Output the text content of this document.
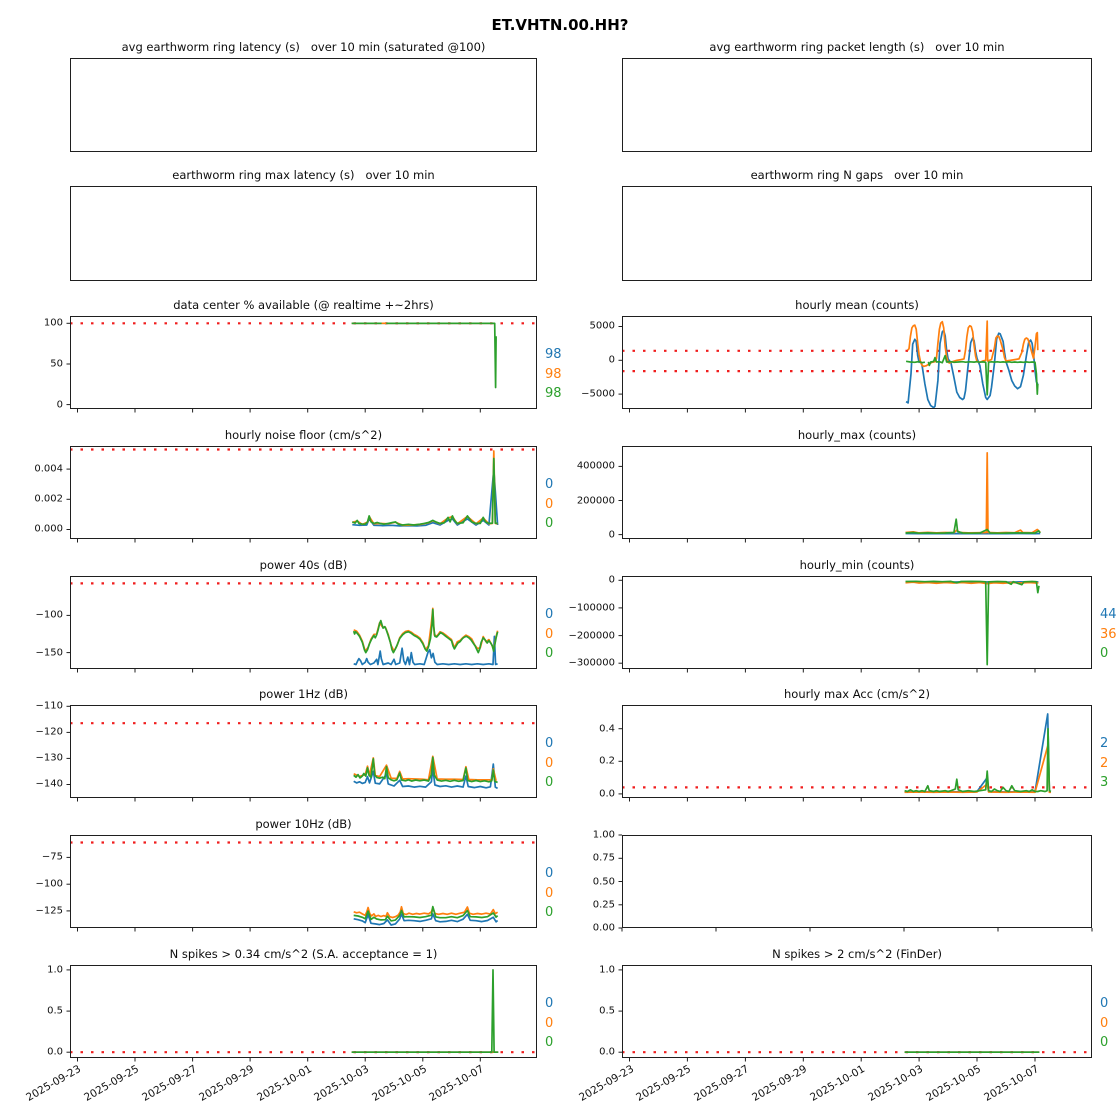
ET.VHTN.00.HH?
avg earthworm ring latency (s)   over 10 min (saturated @100)	avg earthworm ring packet length (s)   over 10 min
earthworm ring max latency (s)   over 10 min	earthworm ring N gaps   over 10 min
data center % available (@ realtime +~2hrs)
0
50
100
98
98
98
hourly mean (counts)
−5000
0
5000
hourly noise floor (cm/s^2)
0.000
0.002
0.004
0
0
0
hourly_max (counts)
0
200000
400000
power 40s (dB)
−150
−100	0
0
0
hourly_min (counts)
0
−100000
−200000
−300000
44
36
0
power 1Hz (dB)
−140
−130
−120
−110
0
0
0
hourly max Acc (cm/s^2)
0.0
0.2
0.4
2
2
3
power 10Hz (dB)
−125
−100
−75
0
0
0
0.00
0.25
0.50
0.75
1.00
N spikes > 0.34 cm/s^2 (S.A. acceptance = 1)
0.0
0.5
1.0
0
0
0
N spikes > 2 cm/s^2 (FinDer)
0.0
0.5
1.0
0
0
0
2025-09-23
2025-09-25
2025-09-27
2025-09-29
2025-10-01
2025-10-03
2025-10-05
2025-10-07	2025-09-23 2025-09-25 2025-09-27 2025-09-29 2025-10-01 2025-10-03 2025-10-05 2025-10-07
